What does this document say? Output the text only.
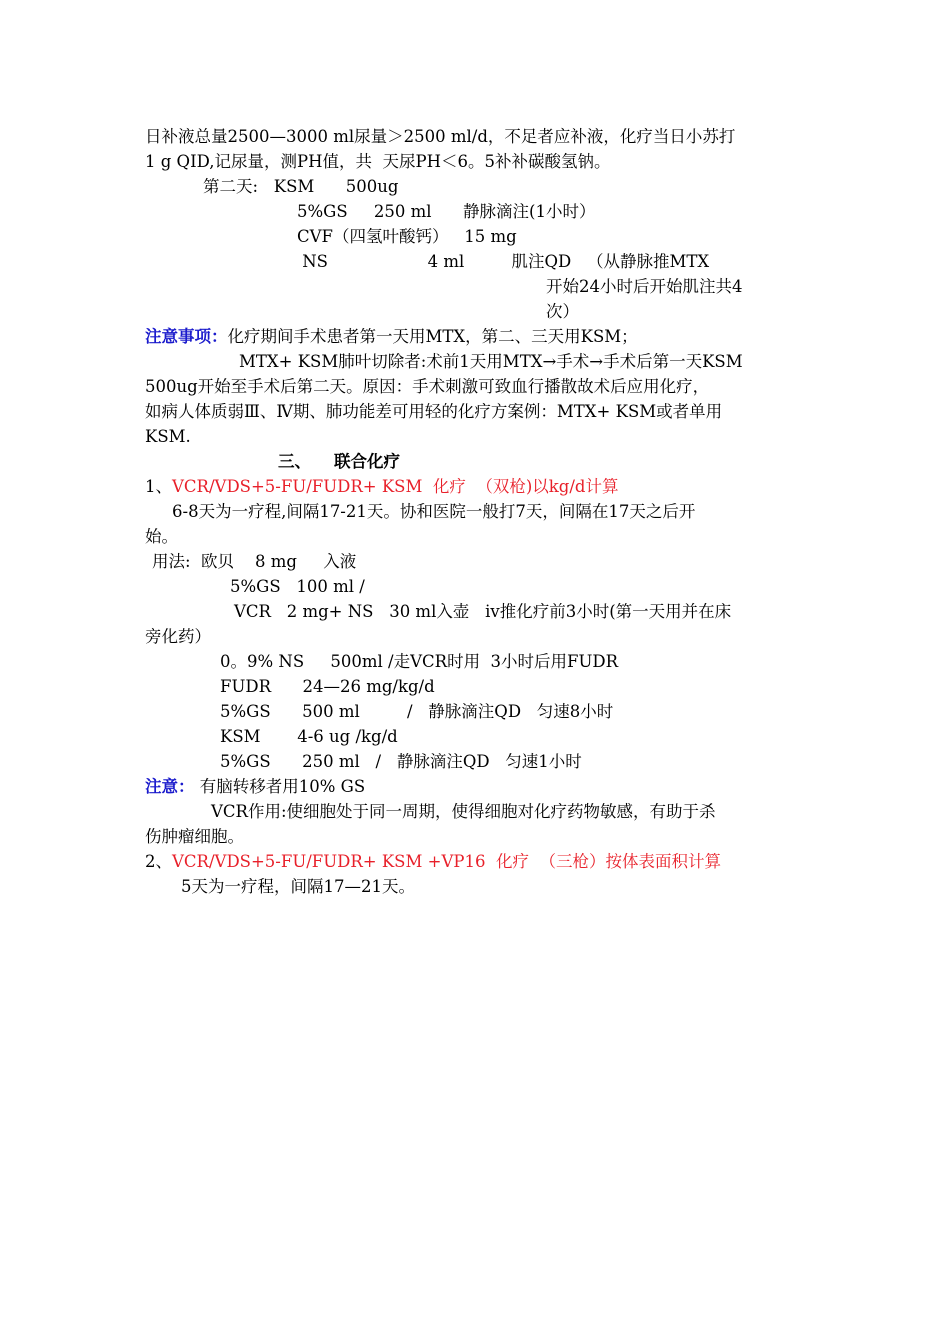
日补液总量2500—3000 ml尿量＞2500 ml/d，不足者应补液，化疗当日小苏打
1 g QID,记尿量，测PH值，共  天尿PH＜6。5补补碳酸氢钠。
第二天:   KSM      500ug
5%GS     250 ml      静脉滴注(1小时）
CVF（四氢叶酸钙）   15 mg
NS                   4 ml         肌注QD   （从静脉推MTX
开始24小时后开始肌注共4
次）
注意事项：化疗期间手术患者第一天用MTX，第二、三天用KSM；
MTX+ KSM肺叶切除者:术前1天用MTX→手术→手术后第一天KSM
500ug开始至手术后第二天。原因：手术刺激可致血行播散故术后应用化疗，
如病人体质弱Ⅲ、Ⅳ期、肺功能差可用轻的化疗方案例：MTX+ KSM或者单用
KSM.
三、    联合化疗
1、VCR/VDS+5-FU/FUDR+ KSM  化疗  （双枪)以kg/d计算
6-8天为一疗程,间隔17-21天。协和医院一般打7天，间隔在17天之后开
始。
用法:  欧贝    8 mg     入液
5%GS   100 ml /
VCR   2 mg+ NS   30 ml入壶   iv推化疗前3小时(第一天用并在床
旁化药）
0。9% NS     500ml /走VCR时用  3小时后用FUDR
FUDR      24—26 mg/kg/d
5%GS      500 ml         /   静脉滴注QD   匀速8小时
KSM       4-6 ug /kg/d
5%GS      250 ml   /   静脉滴注QD   匀速1小时
注意： 有脑转移者用10% GS
VCR作用:使细胞处于同一周期，使得细胞对化疗药物敏感，有助于杀
伤肿瘤细胞。
2、VCR/VDS+5-FU/FUDR+ KSM +VP16  化疗  （三枪）按体表面积计算
5天为一疗程，间隔17—21天。
